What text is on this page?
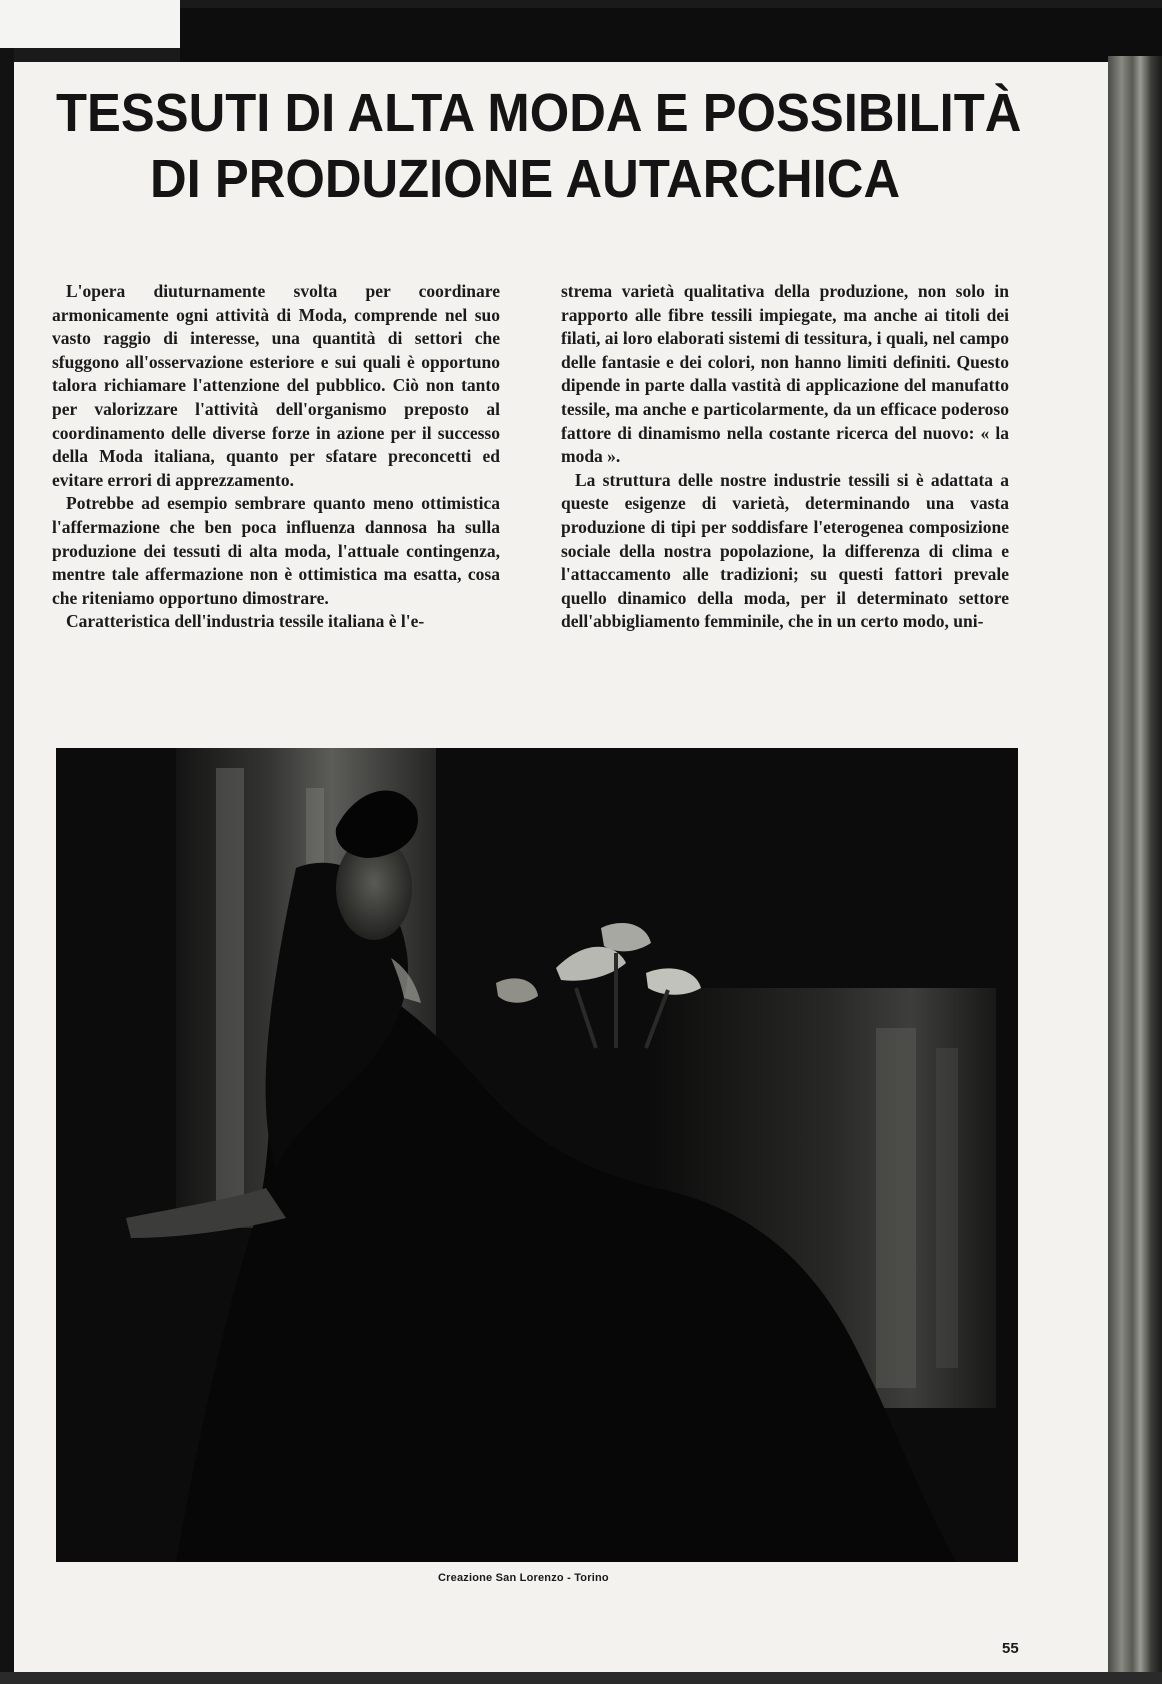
TESSUTI DI ALTA MODA E POSSIBILITÀ
DI PRODUZIONE AUTARCHICA

L'opera diuturnamente svolta per coordinare armonicamente ogni attività di Moda, comprende nel suo vasto raggio di interesse, una quantità di settori che sfuggono all'osservazione esteriore e sui quali è opportuno talora richiamare l'attenzione del pubblico. Ciò non tanto per valorizzare l'attività dell'organismo preposto al coordinamento delle diverse forze in azione per il successo della Moda italiana, quanto per sfatare preconcetti ed evitare errori di apprezzamento.

Potrebbe ad esempio sembrare quanto meno ottimistica l'affermazione che ben poca influenza dannosa ha sulla produzione dei tessuti di alta moda, l'attuale contingenza, mentre tale affermazione non è ottimistica ma esatta, cosa che riteniamo opportuno dimostrare.

Caratteristica dell'industria tessile italiana è l'e-

strema varietà qualitativa della produzione, non solo in rapporto alle fibre tessili impiegate, ma anche ai titoli dei filati, ai loro elaborati sistemi di tessitura, i quali, nel campo delle fantasie e dei colori, non hanno limiti definiti. Questo dipende in parte dalla vastità di applicazione del manufatto tessile, ma anche e particolarmente, da un efficace poderoso fattore di dinamismo nella costante ricerca del nuovo: « la moda ».

La struttura delle nostre industrie tessili si è adattata a queste esigenze di varietà, determinando una vasta produzione di tipi per soddisfare l'eterogenea composizione sociale della nostra popolazione, la differenza di clima e l'attaccamento alle tradizioni; su questi fattori prevale quello dinamico della moda, per il determinato settore dell'abbigliamento femminile, che in un certo modo, uni-

Creazione San Lorenzo - Torino
55
